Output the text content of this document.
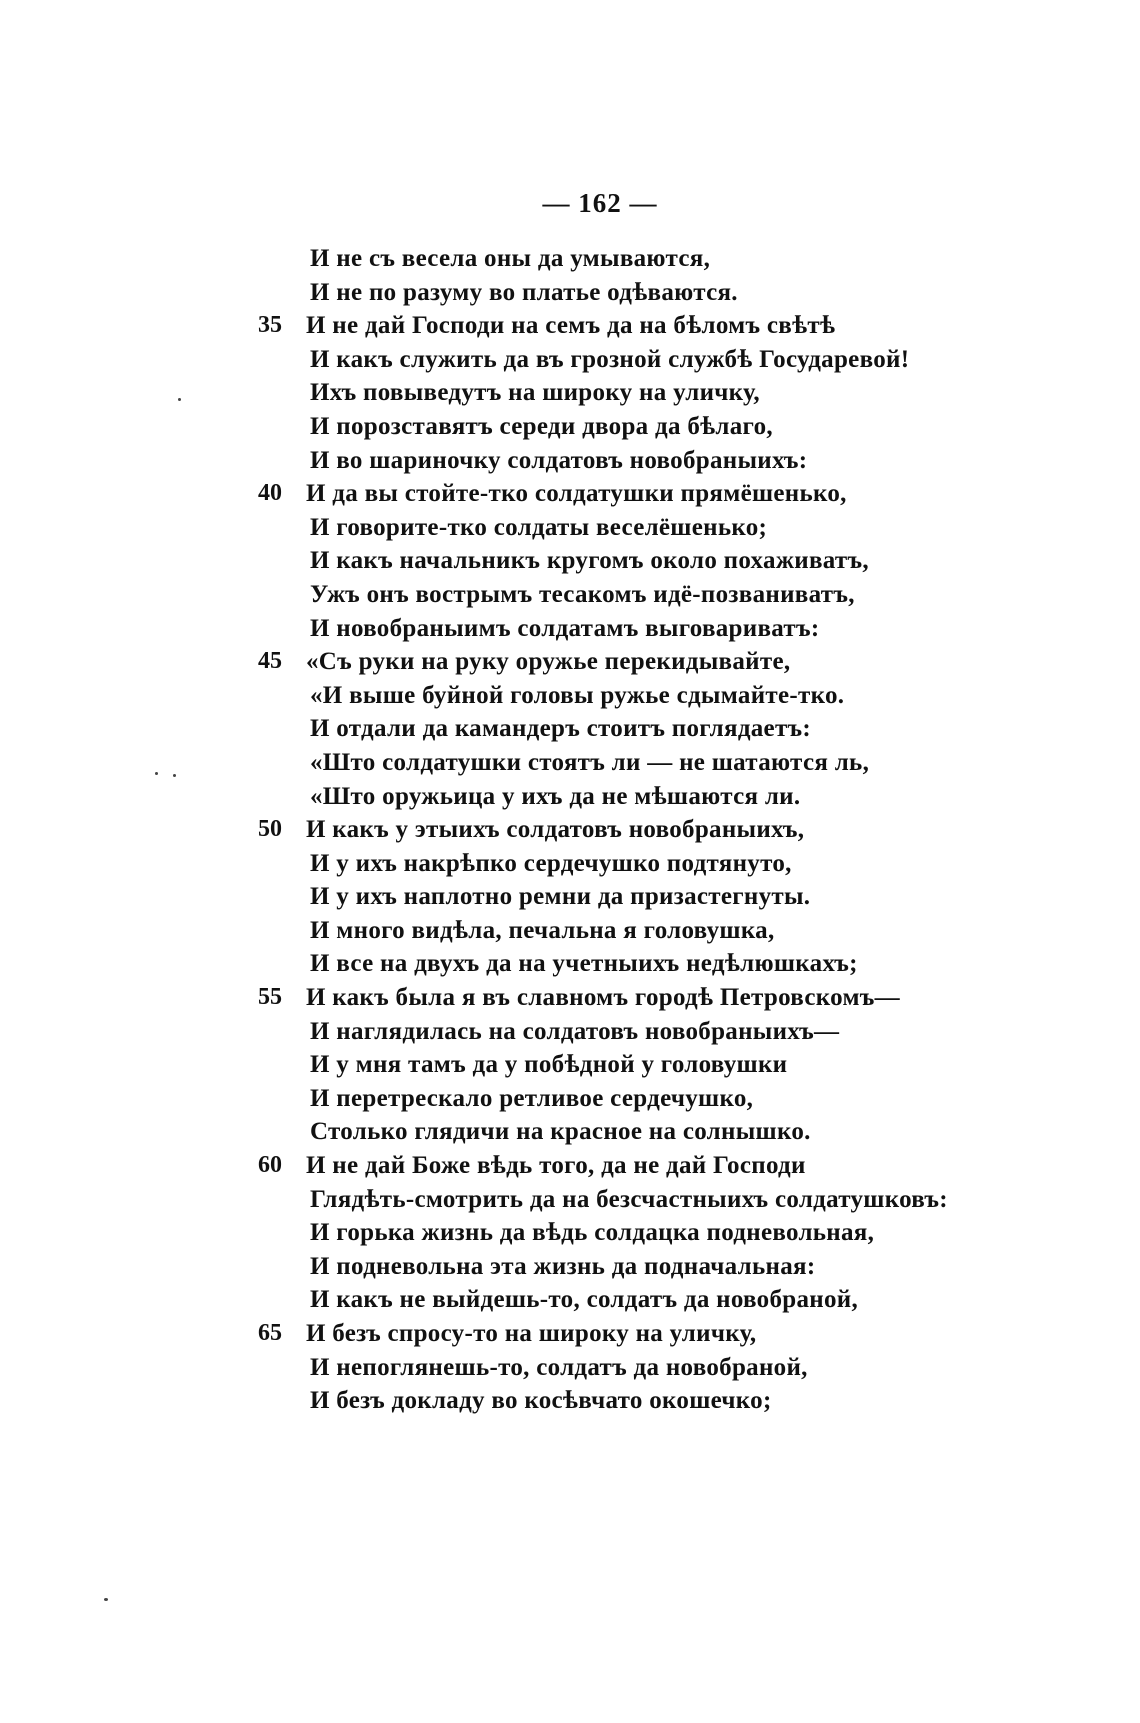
— 162 —
И не съ весела оны да умываются,
И не по разуму во платье одѣваются.
35 И не дай Господи на семъ да на бѣломъ свѣтѣ
И какъ служить да въ грозной службѣ Государевой!
Ихъ повыведутъ на широку на уличку,
И порозставятъ середи двора да бѣлаго,
И во шариночку солдатовъ новобраныихъ:
40 И да вы стойте-тко солдатушки прямёшенько,
И говорите-тко солдаты веселёшенько;
И какъ начальникъ кругомъ около похаживатъ,
Ужъ онъ вострымъ тесакомъ идё-позваниватъ,
И новобраныимъ солдатамъ выговариватъ:
45 «Съ руки на руку оружье перекидывайте,
«И выше буйной головы ружье сдымайте-тко.
И отдали да камандеръ стоитъ поглядаетъ:
«Што солдатушки стоятъ ли — не шатаются ль,
«Што оружьица у ихъ да не мѣшаются ли.
50 И какъ у этыихъ солдатовъ новобраныихъ,
И у ихъ накрѣпко сердечушко подтянуто,
И у ихъ наплотно ремни да призастегнуты.
И много видѣла, печальна я головушка,
И все на двухъ да на учетныихъ недѣлюшкахъ;
55 И какъ была я въ славномъ городѣ Петровскомъ—
И наглядилась на солдатовъ новобраныихъ—
И у мня тамъ да у побѣдной у головушки
И перетрескало ретливое сердечушко,
Столько глядичи на красное на солнышко.
60 И не дай Боже вѣдь того, да не дай Господи
Глядѣть-смотрить да на безсчастныихъ солдатушковъ:
И горька жизнь да вѣдь солдацка подневольная,
И подневольна эта жизнь да подначальная:
И какъ не выйдешь-то, солдатъ да новобраной,
65 И безъ спросу-то на широку на уличку,
И непоглянешь-то, солдатъ да новобраной,
И безъ докладу во косѣвчато окошечко;
